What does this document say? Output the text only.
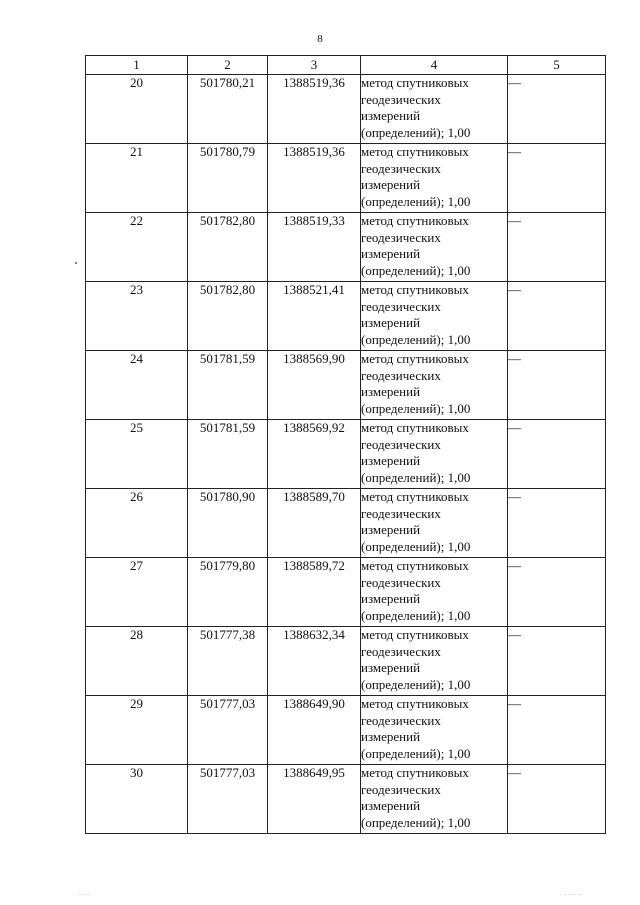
8
1	2	3	4	5
20	501780,21	1388519,36	метод спутниковых
геодезических
измерений
(определений); 1,00	—
21	501780,79	1388519,36	метод спутниковых
геодезических
измерений
(определений); 1,00	—
22	501782,80	1388519,33	метод спутниковых
геодезических
измерений
(определений); 1,00	—
23	501782,80	1388521,41	метод спутниковых
геодезических
измерений
(определений); 1,00	—
24	501781,59	1388569,90	метод спутниковых
геодезических
измерений
(определений); 1,00	—
25	501781,59	1388569,92	метод спутниковых
геодезических
измерений
(определений); 1,00	—
26	501780,90	1388589,70	метод спутниковых
геодезических
измерений
(определений); 1,00	—
27	501779,80	1388589,72	метод спутниковых
геодезических
измерений
(определений); 1,00	—
28	501777,38	1388632,34	метод спутниковых
геодезических
измерений
(определений); 1,00	—
29	501777,03	1388649,90	метод спутниковых
геодезических
измерений
(определений); 1,00	—
30	501777,03	1388649,95	метод спутниковых
геодезических
измерений
(определений); 1,00	—
.....	. .......
